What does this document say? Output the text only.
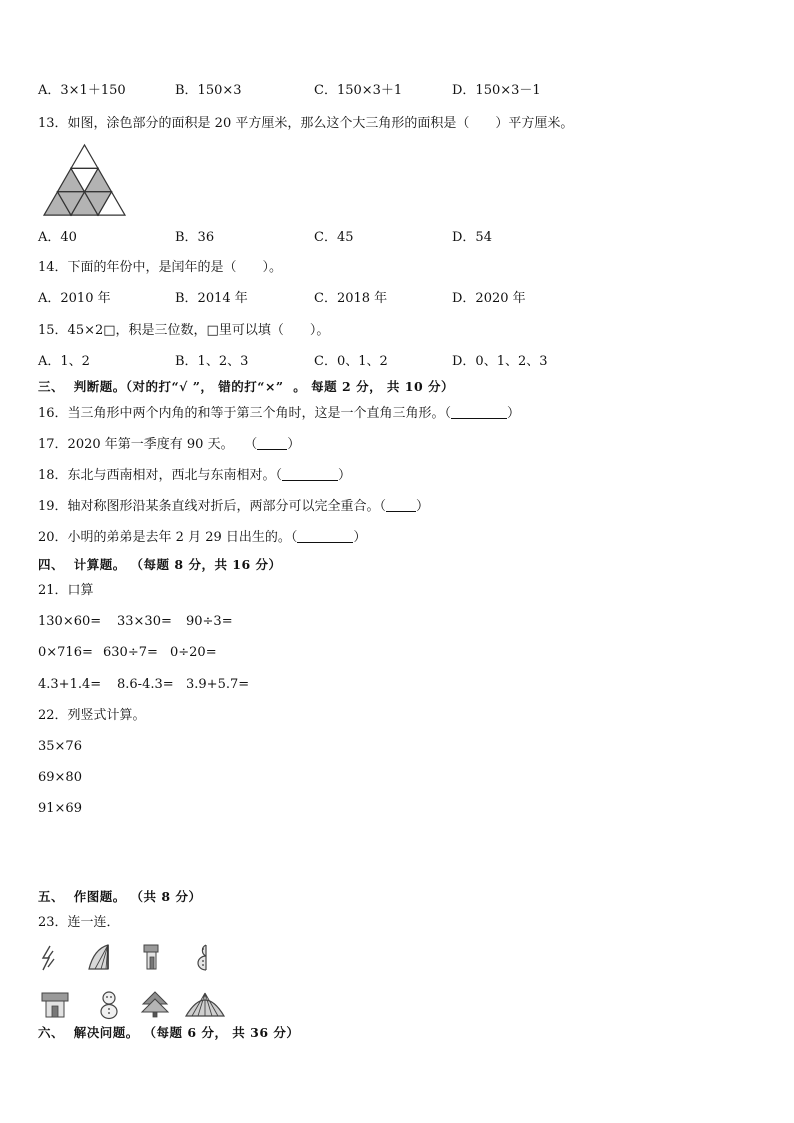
A．3×1＋150	B．150×3	C．150×3＋1	D．150×3－1
13．如图，涂色部分的面积是 20 平方厘米，那么这个大三角形的面积是（ ）平方厘米。
A．40	B．36	C．45	D．54
14．下面的年份中，是闰年的是（　　）。
A．2010 年	B．2014 年	C．2018 年	D．2020 年
15．45×2□，积是三位数，□里可以填（　　）。
A．1、2	B．1、2、3	C．0、1、2	D．0、1、2、3
三、  判断题。（对的打“√ ”， 错的打“×”  。 每题 2 分， 共 10 分）
16．当三角形中两个内角的和等于第三个角时，这是一个直角三角形。（	）
17．2020 年第一季度有 90 天。　 （ ）
18．东北与西南相对，西北与东南相对。（	）
19．轴对称图形沿某条直线对折后，两部分可以完全重合。（ ）
20．小明的弟弟是去年 2 月 29 日出生的。（	）
四、  计算题。 （每题 8 分，共 16 分）
21．口算
130×60= 33×30= 90÷3=
0×716= 630÷7= 0÷20=
4.3+1.4= 8.6-4.3= 3.9+5.7=
22．列竖式计算。
35×76
69×80
91×69
五、  作图题。 （共 8 分）
23．连一连．
六、  解决问题。 （每题 6 分， 共 36 分）
